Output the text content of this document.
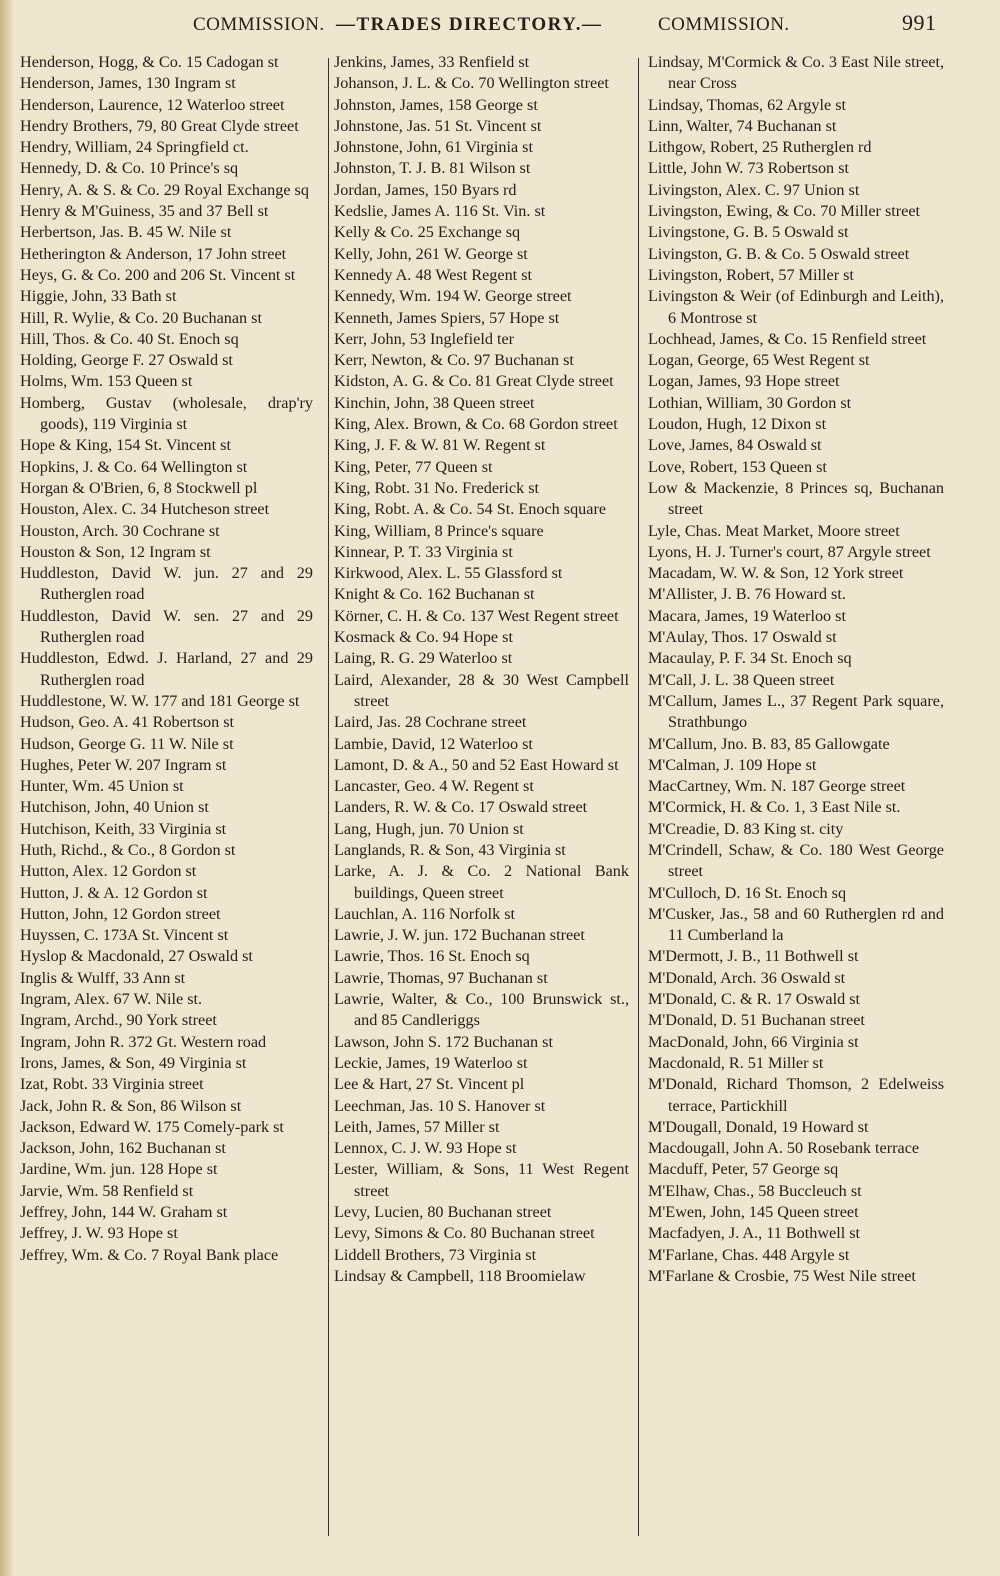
COMMISSION. —TRADES DIRECTORY.—	COMMISSION.	991
Henderson, Hogg, & Co. 15 Cadogan st
Henderson, James, 130 Ingram st
Henderson, Laurence, 12 Waterloo street
Hendry Brothers, 79, 80 Great Clyde street
Hendry, William, 24 Springfield ct.
Hennedy, D. & Co. 10 Prince's sq
Henry, A. & S. & Co. 29 Royal Exchange sq
Henry & M'Guiness, 35 and 37 Bell st
Herbertson, Jas. B. 45 W. Nile st
Hetherington & Anderson, 17 John street
Heys, G. & Co. 200 and 206 St. Vincent st
Higgie, John, 33 Bath st
Hill, R. Wylie, & Co. 20 Buchanan st
Hill, Thos. & Co. 40 St. Enoch sq
Holding, George F. 27 Oswald st
Holms, Wm. 153 Queen st
Homberg, Gustav (wholesale, drap'ry goods), 119 Virginia st
Hope & King, 154 St. Vincent st
Hopkins, J. & Co. 64 Wellington st
Horgan & O'Brien, 6, 8 Stockwell pl
Houston, Alex. C. 34 Hutcheson street
Houston, Arch. 30 Cochrane st
Houston & Son, 12 Ingram st
Huddleston, David W. jun. 27 and 29 Rutherglen road
Huddleston, David W. sen. 27 and 29 Rutherglen road
Huddleston, Edwd. J. Harland, 27 and 29 Rutherglen road
Huddlestone, W. W. 177 and 181 George st
Hudson, Geo. A. 41 Robertson st
Hudson, George G. 11 W. Nile st
Hughes, Peter W. 207 Ingram st
Hunter, Wm. 45 Union st
Hutchison, John, 40 Union st
Hutchison, Keith, 33 Virginia st
Huth, Richd., & Co., 8 Gordon st
Hutton, Alex. 12 Gordon st
Hutton, J. & A. 12 Gordon st
Hutton, John, 12 Gordon street
Huyssen, C. 173A St. Vincent st
Hyslop & Macdonald, 27 Oswald st
Inglis & Wulff, 33 Ann st
Ingram, Alex. 67 W. Nile st.
Ingram, Archd., 90 York street
Ingram, John R. 372 Gt. Western road
Irons, James, & Son, 49 Virginia st
Izat, Robt. 33 Virginia street
Jack, John R. & Son, 86 Wilson st
Jackson, Edward W. 175 Comely-park st
Jackson, John, 162 Buchanan st
Jardine, Wm. jun. 128 Hope st
Jarvie, Wm. 58 Renfield st
Jeffrey, John, 144 W. Graham st
Jeffrey, J. W. 93 Hope st
Jeffrey, Wm. & Co. 7 Royal Bank place
Jenkins, James, 33 Renfield st
Johanson, J. L. & Co. 70 Wellington street
Johnston, James, 158 George st
Johnstone, Jas. 51 St. Vincent st
Johnstone, John, 61 Virginia st
Johnston, T. J. B. 81 Wilson st
Jordan, James, 150 Byars rd
Kedslie, James A. 116 St. Vin. st
Kelly & Co. 25 Exchange sq
Kelly, John, 261 W. George st
Kennedy A. 48 West Regent st
Kennedy, Wm. 194 W. George street
Kenneth, James Spiers, 57 Hope st
Kerr, John, 53 Inglefield ter
Kerr, Newton, & Co. 97 Buchanan st
Kidston, A. G. & Co. 81 Great Clyde street
Kinchin, John, 38 Queen street
King, Alex. Brown, & Co. 68 Gordon street
King, J. F. & W. 81 W. Regent st
King, Peter, 77 Queen st
King, Robt. 31 No. Frederick st
King, Robt. A. & Co. 54 St. Enoch square
King, William, 8 Prince's square
Kinnear, P. T. 33 Virginia st
Kirkwood, Alex. L. 55 Glassford st
Knight & Co. 162 Buchanan st
Körner, C. H. & Co. 137 West Regent street
Kosmack & Co. 94 Hope st
Laing, R. G. 29 Waterloo st
Laird, Alexander, 28 & 30 West Campbell street
Laird, Jas. 28 Cochrane street
Lambie, David, 12 Waterloo st
Lamont, D. & A., 50 and 52 East Howard st
Lancaster, Geo. 4 W. Regent st
Landers, R. W. & Co. 17 Oswald street
Lang, Hugh, jun. 70 Union st
Langlands, R. & Son, 43 Virginia st
Larke, A. J. & Co. 2 National Bank buildings, Queen street
Lauchlan, A. 116 Norfolk st
Lawrie, J. W. jun. 172 Buchanan street
Lawrie, Thos. 16 St. Enoch sq
Lawrie, Thomas, 97 Buchanan st
Lawrie, Walter, & Co., 100 Brunswick st., and 85 Candleriggs
Lawson, John S. 172 Buchanan st
Leckie, James, 19 Waterloo st
Lee & Hart, 27 St. Vincent pl
Leechman, Jas. 10 S. Hanover st
Leith, James, 57 Miller st
Lennox, C. J. W. 93 Hope st
Lester, William, & Sons, 11 West Regent street
Levy, Lucien, 80 Buchanan street
Levy, Simons & Co. 80 Buchanan street
Liddell Brothers, 73 Virginia st
Lindsay & Campbell, 118 Broomielaw
Lindsay, M'Cormick & Co. 3 East Nile street, near Cross
Lindsay, Thomas, 62 Argyle st
Linn, Walter, 74 Buchanan st
Lithgow, Robert, 25 Rutherglen rd
Little, John W. 73 Robertson st
Livingston, Alex. C. 97 Union st
Livingston, Ewing, & Co. 70 Miller street
Livingstone, G. B. 5 Oswald st
Livingston, G. B. & Co. 5 Oswald street
Livingston, Robert, 57 Miller st
Livingston & Weir (of Edinburgh and Leith), 6 Montrose st
Lochhead, James, & Co. 15 Renfield street
Logan, George, 65 West Regent st
Logan, James, 93 Hope street
Lothian, William, 30 Gordon st
Loudon, Hugh, 12 Dixon st
Love, James, 84 Oswald st
Love, Robert, 153 Queen st
Low & Mackenzie, 8 Princes sq, Buchanan street
Lyle, Chas. Meat Market, Moore street
Lyons, H. J. Turner's court, 87 Argyle street
Macadam, W. W. & Son, 12 York street
M'Allister, J. B. 76 Howard st.
Macara, James, 19 Waterloo st
M'Aulay, Thos. 17 Oswald st
Macaulay, P. F. 34 St. Enoch sq
M'Call, J. L. 38 Queen street
M'Callum, James L., 37 Regent Park square, Strathbungo
M'Callum, Jno. B. 83, 85 Gallowgate
M'Calman, J. 109 Hope st
MacCartney, Wm. N. 187 George street
M'Cormick, H. & Co. 1, 3 East Nile st.
M'Creadie, D. 83 King st. city
M'Crindell, Schaw, & Co. 180 West George street
M'Culloch, D. 16 St. Enoch sq
M'Cusker, Jas., 58 and 60 Rutherglen rd and 11 Cumberland la
M'Dermott, J. B., 11 Bothwell st
M'Donald, Arch. 36 Oswald st
M'Donald, C. & R. 17 Oswald st
M'Donald, D. 51 Buchanan street
MacDonald, John, 66 Virginia st
Macdonald, R. 51 Miller st
M'Donald, Richard Thomson, 2 Edelweiss terrace, Partickhill
M'Dougall, Donald, 19 Howard st
Macdougall, John A. 50 Rosebank terrace
Macduff, Peter, 57 George sq
M'Elhaw, Chas., 58 Buccleuch st
M'Ewen, John, 145 Queen street
Macfadyen, J. A., 11 Bothwell st
M'Farlane, Chas. 448 Argyle st
M'Farlane & Crosbie, 75 West Nile street
